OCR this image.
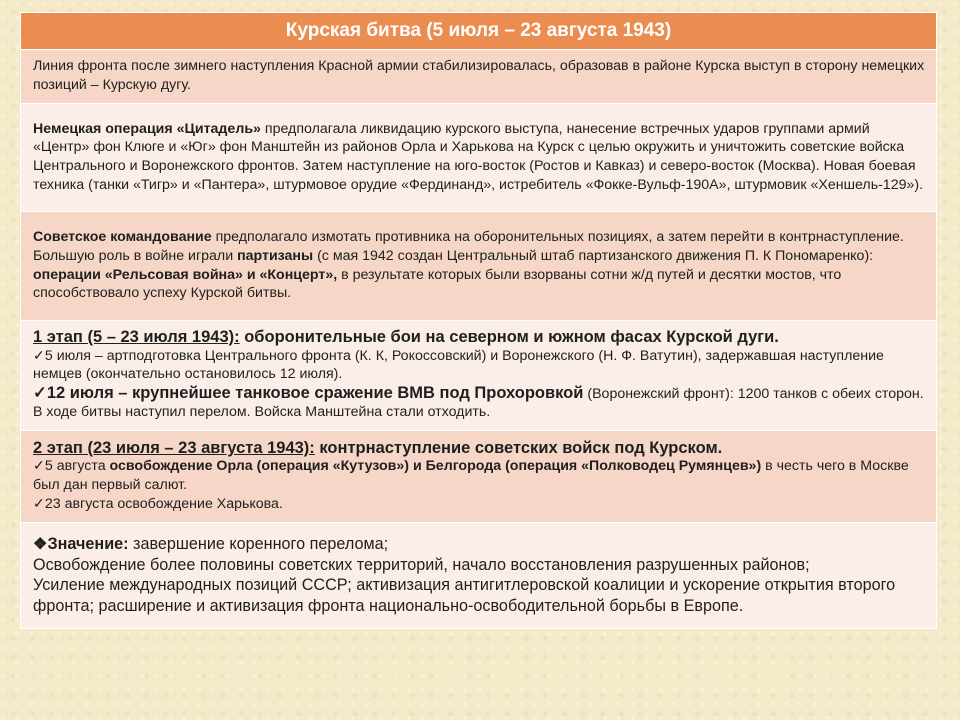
Курская битва (5 июля – 23 августа 1943)

Линия фронта после зимнего наступления Красной армии стабилизировалась, образовав в районе Курска выступ в сторону немецких позиций – Курскую дугу.

Немецкая операция «Цитадель» предполагала ликвидацию курского выступа, нанесение встречных ударов группами армий «Центр» фон Клюге и «Юг» фон Манштейн из районов Орла и Харькова на Курск с целью окружить и уничтожить советские войска Центрального и Воронежского фронтов. Затем наступление на юго-восток (Ростов и Кавказ) и северо-восток (Москва). Новая боевая техника (танки «Тигр» и «Пантера», штурмовое орудие «Фердинанд», истребитель «Фокке-Вульф-190А», штурмовик «Хеншель-129»).

Советское командование предполагало измотать противника на оборонительных позициях, а затем перейти в контрнаступление.

Большую роль в войне играли партизаны (с мая 1942 создан Центральный штаб партизанского движения П. К Пономаренко): операции «Рельсовая война» и «Концерт», в результате которых были взорваны сотни ж/д путей и десятки мостов, что способствовало успеху Курской битвы.

1 этап (5 – 23 июля 1943): оборонительные бои на северном и южном фасах Курской дуги.

✓5 июля – артподготовка Центрального фронта (К. К, Рокоссовский) и Воронежского (Н. Ф. Ватутин), задержавшая наступление немцев (окончательно остановилось 12 июля).

✓12 июля – крупнейшее танковое сражение ВМВ под Прохоровкой (Воронежский фронт): 1200 танков с обеих сторон. В ходе битвы наступил перелом. Войска Манштейна стали отходить.

2 этап (23 июля – 23 августа 1943): контрнаступление советских войск под Курском.

✓5 августа освобождение Орла (операция «Кутузов») и Белгорода (операция «Полководец Румянцев») в честь чего в Москве был дан первый салют.

✓23 августа освобождение Харькова.

❖Значение: завершение коренного перелома;

Освобождение более половины советских территорий, начало восстановления разрушенных районов;

Усиление международных позиций СССР; активизация антигитлеровской коалиции и ускорение открытия второго фронта; расширение и активизация фронта национально-освободительной борьбы в Европе.
